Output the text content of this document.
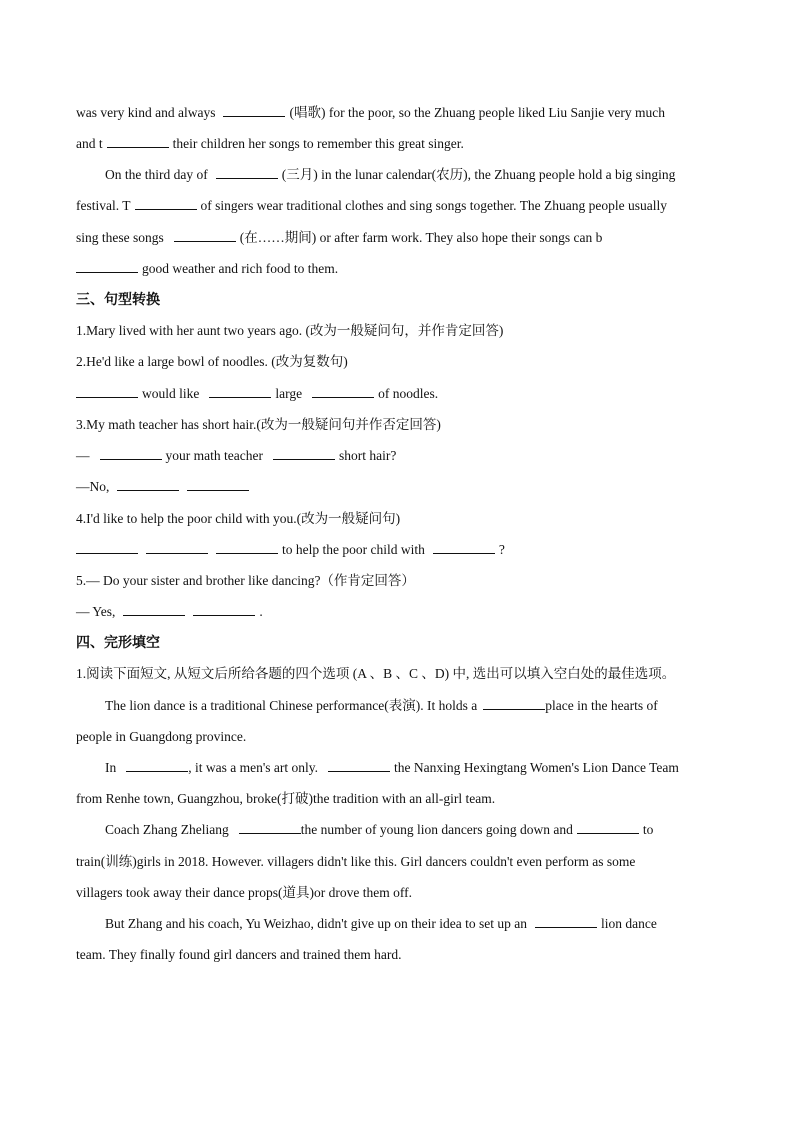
was very kind and always	(唱歌) for the poor, so the Zhuang people liked Liu Sanjie very much
and t	their children her songs to remember this great singer.
On the third day of	(三月) in the lunar calendar(农历), the Zhuang people hold a big singing
festival. T	of singers wear traditional clothes and sing songs together. The Zhuang people usually
sing these songs	(在……期间) or after farm work. They also hope their songs can b
good weather and rich food to them.
三、句型转换
1.Mary lived with her aunt two years ago. (改为一般疑问句，并作肯定回答)
2.He'd like a large bowl of noodles. (改为复数句)
would like	large	of noodles.
3.My math teacher has short hair.(改为一般疑问句并作否定回答)
—	your math teacher	short hair?
—No,
4.I'd like to help the poor child with you.(改为一般疑问句)
to help the poor child with	?
5.— Do your sister and brother like dancing?（作肯定回答）
— Yes,	.
四、完形填空
1.阅读下面短文, 从短文后所给各题的四个选项 (A 、B 、C 、D) 中, 选出可以填入空白处的最佳选项。
The lion dance is a traditional Chinese performance(表演). It holds a	place in the hearts of
people in Guangdong province.
In	, it was a men's art only.	the Nanxing Hexingtang Women's Lion Dance Team
from Renhe town, Guangzhou, broke(打破)the tradition with an all-girl team.
Coach Zhang Zheliang	the number of young lion dancers going down and	to
train(训练)girls in 2018. However. villagers didn't like this. Girl dancers couldn't even perform as some
villagers took away their dance props(道具)or drove them off.
But Zhang and his coach, Yu Weizhao, didn't give up on their idea to set up an	lion dance
team. They finally found girl dancers and trained them hard.
